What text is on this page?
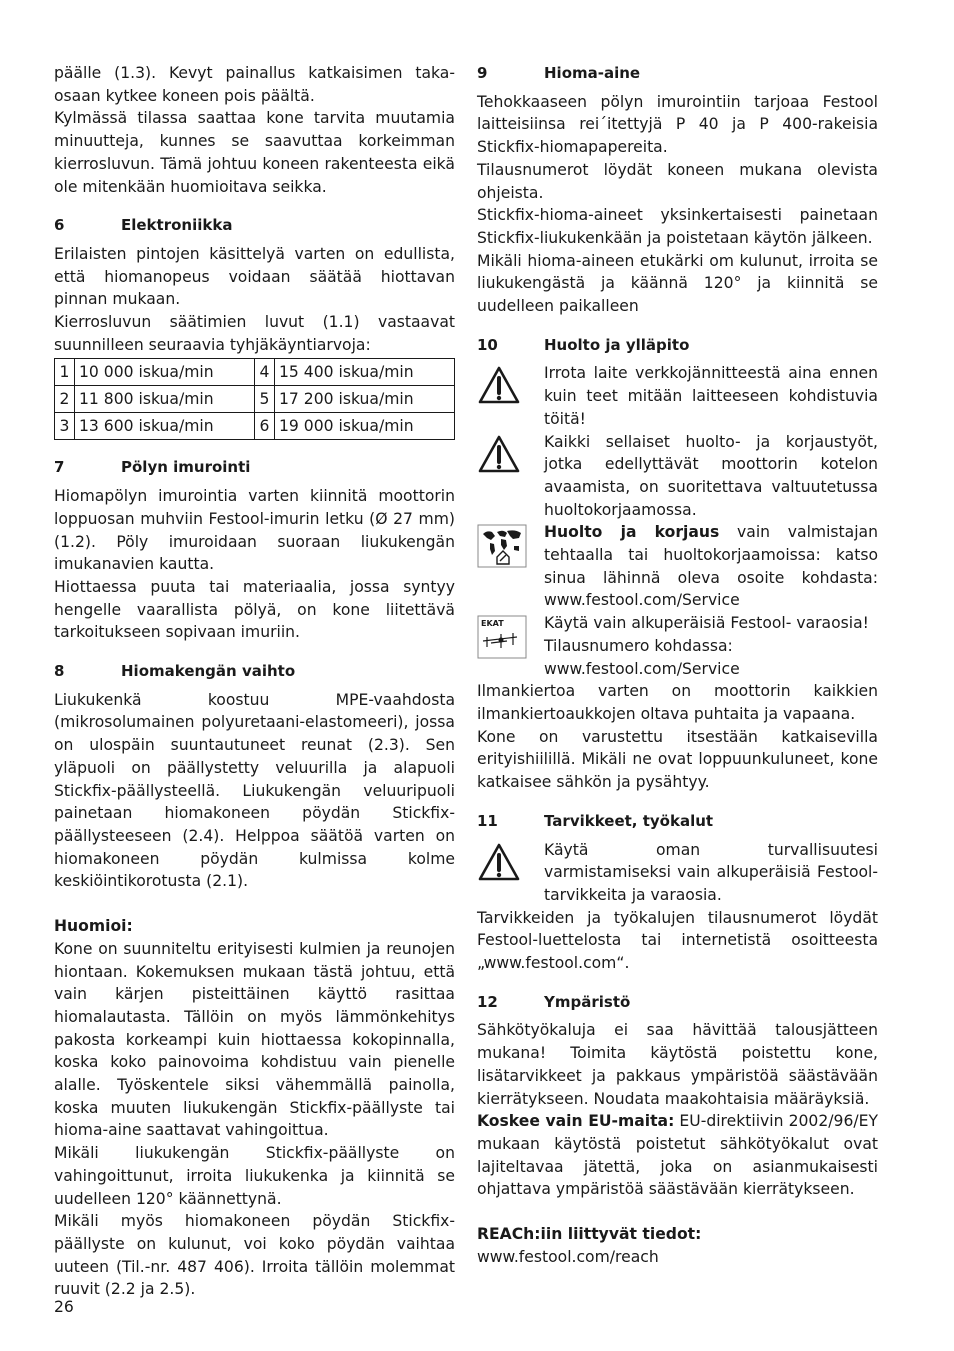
päälle (1.3). Kevyt painallus katkaisimen taka-osaan kytkee koneen pois päältä.

Kylmässä tilassa saattaa kone tarvita muutamia minuutteja, kunnes se saavuttaa korkeimman kierrosluvun. Tämä johtuu koneen rakenteesta eikä ole mitenkään huomioitava seikka.

6	Elektroniikka

Erilaisten pintojen käsittelyä varten on edullista, että hiomanopeus voidaan säätää hiottavan pinnan mukaan.

Kierrosluvun säätimien luvut (1.1) vastaavat suunnilleen seuraavia tyhjäkäyntiarvoja:

1	10 000 iskua/min	4	15 400 iskua/min
2	11 800 iskua/min	5	17 200 iskua/min
3	13 600 iskua/min	6	19 000 iskua/min
7	Pölyn imurointi

Hiomapölyn imurointia varten kiinnitä moottorin loppuosan muhviin Festool-imurin letku (Ø 27 mm) (1.2). Pöly imuroidaan suoraan liukukengän imukanavien kautta.

Hiottaessa puuta tai materiaalia, jossa syntyy hengelle vaarallista pölyä, on kone liitettävä tarkoitukseen sopivaan imuriin.

8	Hiomakengän vaihto

Liukukenkä koostuu MPE-vaahdosta (mikrosolumainen polyuretaani-elastomeeri), jossa on ulospäin suuntautuneet reunat (2.3). Sen yläpuoli on päällystetty veluurilla ja alapuoli Stickfix-päällysteellä. Liukukengän veluuripuoli painetaan hiomakoneen pöydän Stickfix-päällysteeseen (2.4). Helppoa säätöä varten on hiomakoneen pöydän kulmissa kolme keskiöintikorotusta (2.1).

Huomioi:

Kone on suunniteltu erityisesti kulmien ja reunojen hiontaan. Kokemuksen mukaan tästä johtuu, että vain kärjen pisteittäinen käyttö rasittaa hiomalautasta. Tällöin on myös lämmönkehitys pakosta korkeampi kuin hiottaessa kokopinnalla, koska koko painovoima kohdistuu vain pienelle alalle. Työskentele siksi vähemmällä painolla, koska muuten liukukengän Stickfix-päällyste tai hioma-aine saattavat vahingoittua.

Mikäli liukukengän Stickfix-päällyste on vahingoittunut, irroita liukukenka ja kiinnitä se uudelleen 120° käännettynä.

Mikäli myös hiomakoneen pöydän Stickfix-päällyste on kulunut, voi koko pöydän vaihtaa uuteen (Til.-nr. 487 406). Irroita tällöin molemmat ruuvit (2.2 ja 2.5).

9	Hioma-aine

Tehokkaaseen pölyn imurointiin tarjoaa Festool laitteisiinsa rei´itettyjä P 40 ja P 400-rakeisia Stickfix-hiomapapereita.

Tilausnumerot löydät koneen mukana olevista ohjeista.

Stickfix-hioma-aineet yksinkertaisesti painetaan Stickfix-liukukenkään ja poistetaan käytön jälkeen.

Mikäli hioma-aineen etukärki om kulunut, irroita se liukukengästä ja käännä 120° ja kiinnitä se uudelleen paikalleen

10	Huolto ja ylläpito
Irrota laite verkkojännitteestä aina ennen kuin teet mitään laitteeseen kohdistuvia töitä!
Kaikki sellaiset huolto- ja korjaustyöt, jotka edellyttävät moottorin kotelon avaamista, on suoritettava valtuutetussa huoltokorjaamossa.
Huolto ja korjaus vain valmistajan tehtaalla tai huoltokorjaamoissa: katso sinua lähinnä oleva osoite kohdasta: www.festool.com/Service
EKAT	Käytä vain alkuperäisiä Festool- varaosia!
Tilausnumero kohdassa:
www.festool.com/Service

Ilmankiertoa varten on moottorin kaikkien ilmankiertoaukkojen oltava puhtaita ja vapaana.

Kone on varustettu itsestään katkaisevilla erityishiilillä. Mikäli ne ovat loppuunkuluneet, kone katkaisee sähkön ja pysähtyy.

11	Tarvikkeet, työkalut
Käytä oman turvallisuutesi varmistamiseksi vain alkuperäisiä Festool-tarvikkeita ja varaosia.

Tarvikkeiden ja työkalujen tilausnumerot löydät Festool-luettelosta tai internetistä osoitteesta „www.festool.com“.

12	Ympäristö

Sähkötyökaluja ei saa hävittää talousjätteen mukana! Toimita käytöstä poistettu kone, lisätarvikkeet ja pakkaus ympäristöä säästävään kierrätykseen. Noudata maakohtaisia määräyksiä.

Koskee vain EU-maita: EU-direktiivin 2002/96/EY mukaan käytöstä poistetut sähkötyökalut ovat lajiteltavaa jätettä, joka on asianmukaisesti ohjattava ympäristöä säästävään kierrätykseen.

REACh:iin liittyvät tiedot:

www.festool.com/reach

26
